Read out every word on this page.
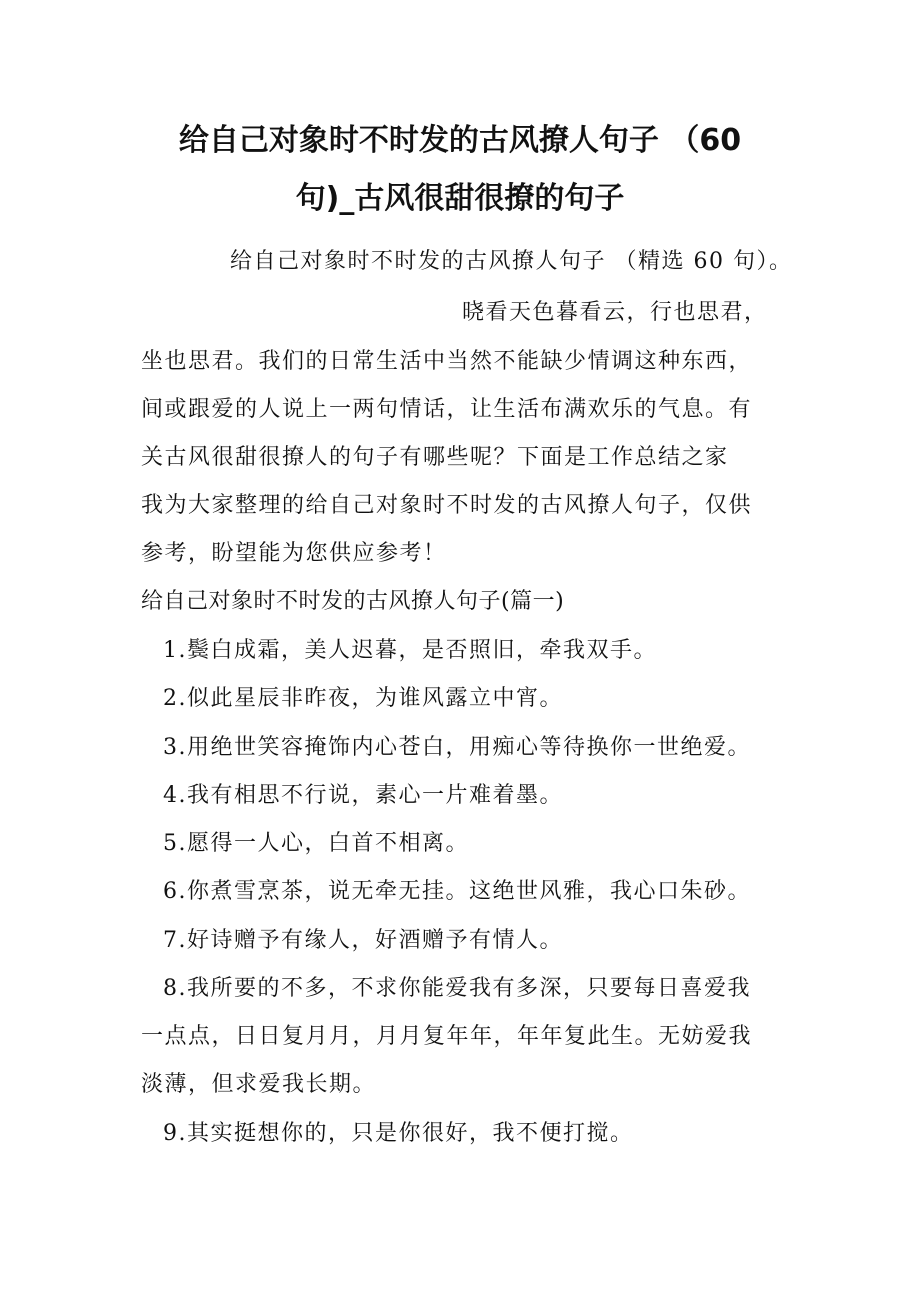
给自己对象时不时发的古风撩人句子 （60
句)_古风很甜很撩的句子
给自己对象时不时发的古风撩人句子 （精选 60 句）。
晓看天色暮看云，行也思君，
坐也思君。我们的日常生活中当然不能缺少情调这种东西，
间或跟爱的人说上一两句情话，让生活布满欢乐的气息。有
关古风很甜很撩人的句子有哪些呢？下面是工作总结之家
我为大家整理的给自己对象时不时发的古风撩人句子，仅供
参考，盼望能为您供应参考！
给自己对象时不时发的古风撩人句子(篇一)
1.鬓白成霜，美人迟暮，是否照旧，牵我双手。
2.似此星辰非昨夜，为谁风露立中宵。
3.用绝世笑容掩饰内心苍白，用痴心等待换你一世绝爱。
4.我有相思不行说，素心一片难着墨。
5.愿得一人心，白首不相离。
6.你煮雪烹茶，说无牵无挂。这绝世风雅，我心口朱砂。
7.好诗赠予有缘人，好酒赠予有情人。
8.我所要的不多，不求你能爱我有多深，只要每日喜爱我
一点点，日日复月月，月月复年年，年年复此生。无妨爱我
淡薄，但求爱我长期。
9.其实挺想你的，只是你很好，我不便打搅。
